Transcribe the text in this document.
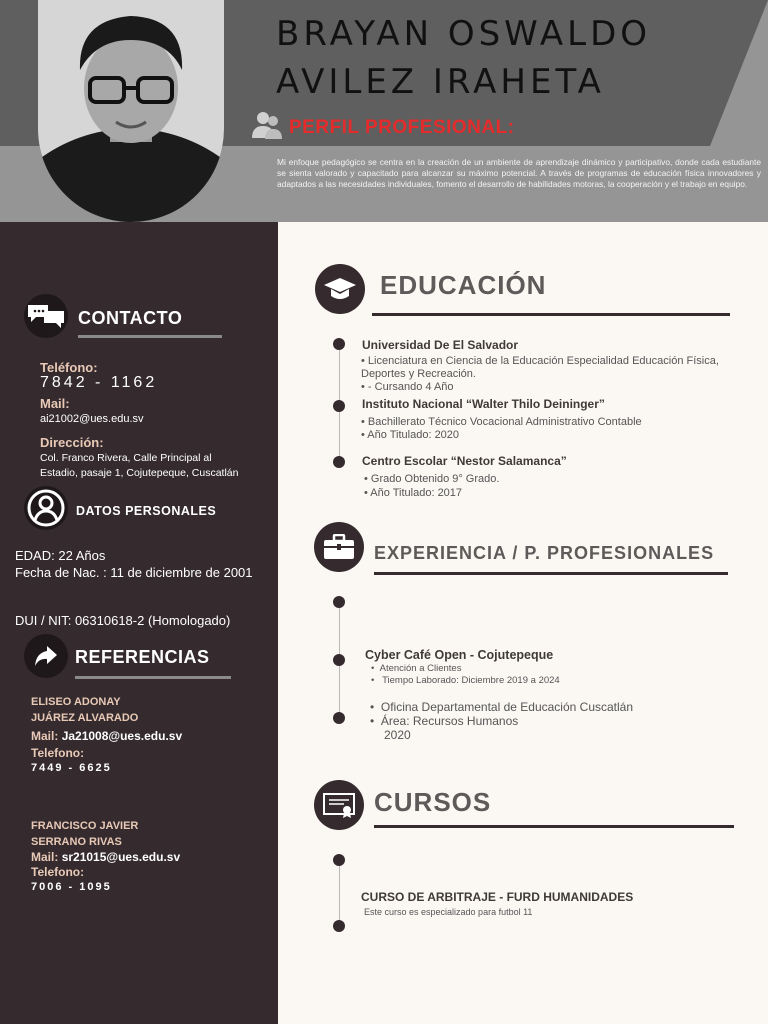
BRAYAN OSWALDO
AVILEZ IRAHETA
PERFIL PROFESIONAL:
Mi enfoque pedagógico se centra en la creación de un ambiente de aprendizaje dinámico y participativo, donde cada estudiante se sienta valorado y capacitado para alcanzar su máximo potencial. A través de programas de educación física innovadores y adaptados a las necesidades individuales, fomento el desarrollo de habilidades motoras, la cooperación y el trabajo en equipo.
CONTACTO
Teléfono:
7842 - 1162
Mail:
ai21002@ues.edu.sv
Dirección:
Col. Franco Rivera, Calle Principal al
Estadio, pasaje 1, Cojutepeque, Cuscatlán
DATOS PERSONALES
EDAD: 22 Años
Fecha de Nac. : 11 de diciembre de 2001
DUI / NIT: 06310618-2 (Homologado)
REFERENCIAS
ELISEO ADONAY
JUÁREZ ALVARADO
Mail: Ja21008@ues.edu.sv
Telefono:
7449 - 6625
FRANCISCO JAVIER
SERRANO RIVAS
Mail: sr21015@ues.edu.sv
Telefono:
7006 - 1095
EDUCACIÓN
Universidad De El Salvador
• Licenciatura en Ciencia de la Educación Especialidad Educación Física,
Deportes y Recreación.
• - Cursando 4 Año
Instituto Nacional “Walter Thilo Deininger”
• Bachillerato Técnico Vocacional Administrativo Contable
• Año Titulado: 2020
Centro Escolar “Nestor Salamanca”
• Grado Obtenido 9° Grado.
• Año Titulado: 2017
EXPERIENCIA / P. PROFESIONALES
Cyber Café Open - Cojutepeque
•  Atención a Clientes
•   Tiempo Laborado: Diciembre 2019 a 2024
•  Oficina Departamental de Educación Cuscatlán
•  Área: Recursos Humanos
2020
CURSOS
CURSO DE ARBITRAJE - FURD HUMANIDADES
Este curso es especializado para futbol 11
